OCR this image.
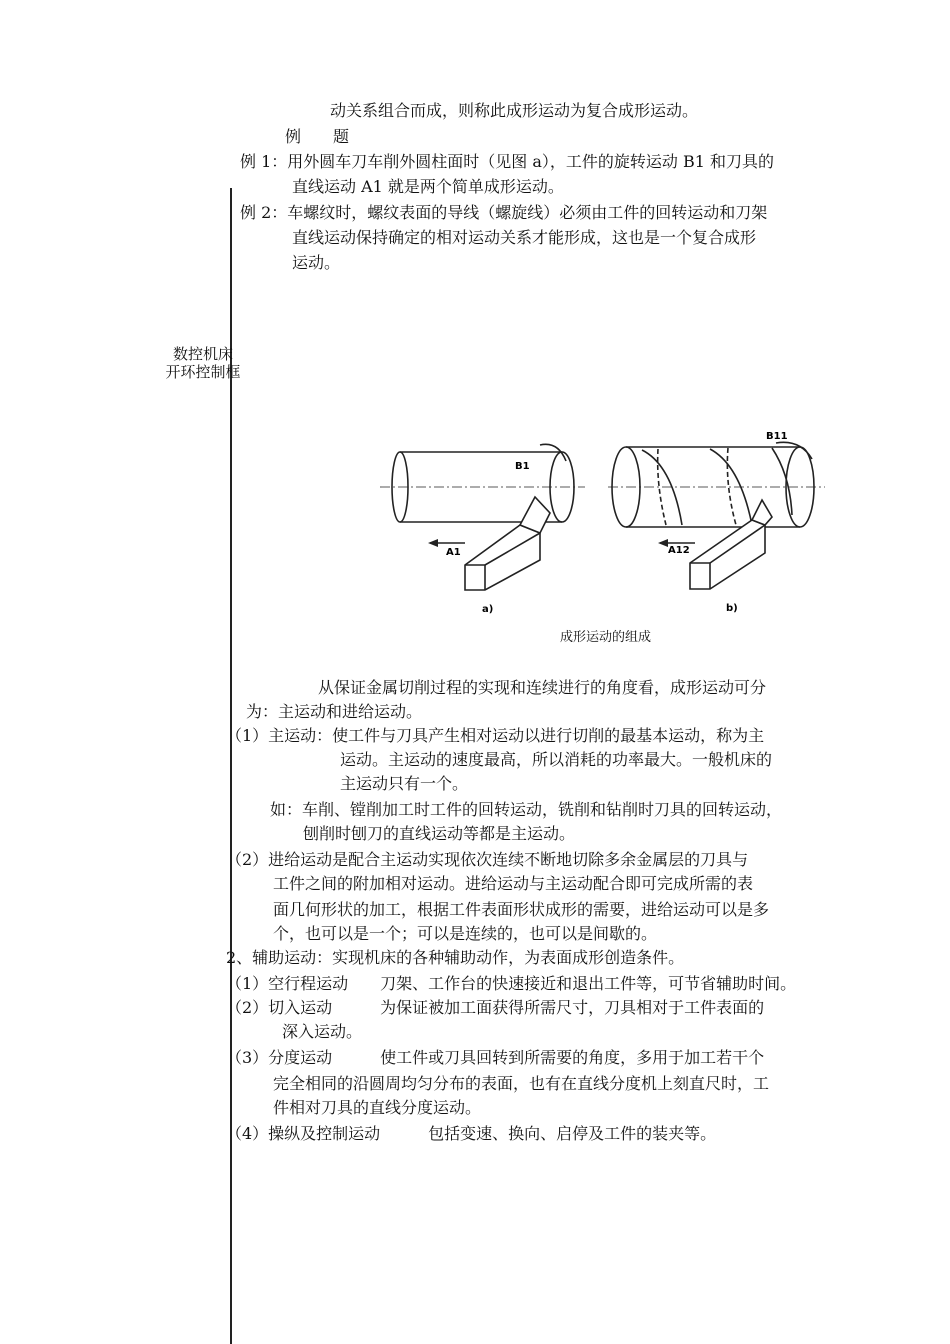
数控机床
开环控制框
动关系组合而成，则称此成形运动为复合成形运动。
例　　题
例 1：用外圆车刀车削外圆柱面时（见图 a），工件的旋转运动 B1 和刀具的
直线运动 A1 就是两个简单成形运动。
例 2：车螺纹时，螺纹表面的导线（螺旋线）必须由工件的回转运动和刀架
直线运动保持确定的相对运动关系才能形成，这也是一个复合成形
运动。
B1
A1
a)
B11
A12
b)
成形运动的组成
从保证金属切削过程的实现和连续进行的角度看，成形运动可分
为：主运动和进给运动。
（1）主运动：使工件与刀具产生相对运动以进行切削的最基本运动，称为主
运动。主运动的速度最高，所以消耗的功率最大。一般机床的
主运动只有一个。
如：车削、镗削加工时工件的回转运动，铣削和钻削时刀具的回转运动，
刨削时刨刀的直线运动等都是主运动。
（2）进给运动是配合主运动实现依次连续不断地切除多余金属层的刀具与
工件之间的附加相对运动。进给运动与主运动配合即可完成所需的表
面几何形状的加工，根据工件表面形状成形的需要，进给运动可以是多
个，也可以是一个；可以是连续的，也可以是间歇的。
2、辅助运动：实现机床的各种辅助动作，为表面成形创造条件。
（1）空行程运动　　刀架、工作台的快速接近和退出工件等，可节省辅助时间。
（2）切入运动　　　为保证被加工面获得所需尺寸，刀具相对于工件表面的
深入运动。
（3）分度运动　　　使工件或刀具回转到所需要的角度，多用于加工若干个
完全相同的沿圆周均匀分布的表面，也有在直线分度机上刻直尺时，工
件相对刀具的直线分度运动。
（4）操纵及控制运动　　　包括变速、换向、启停及工件的装夹等。
